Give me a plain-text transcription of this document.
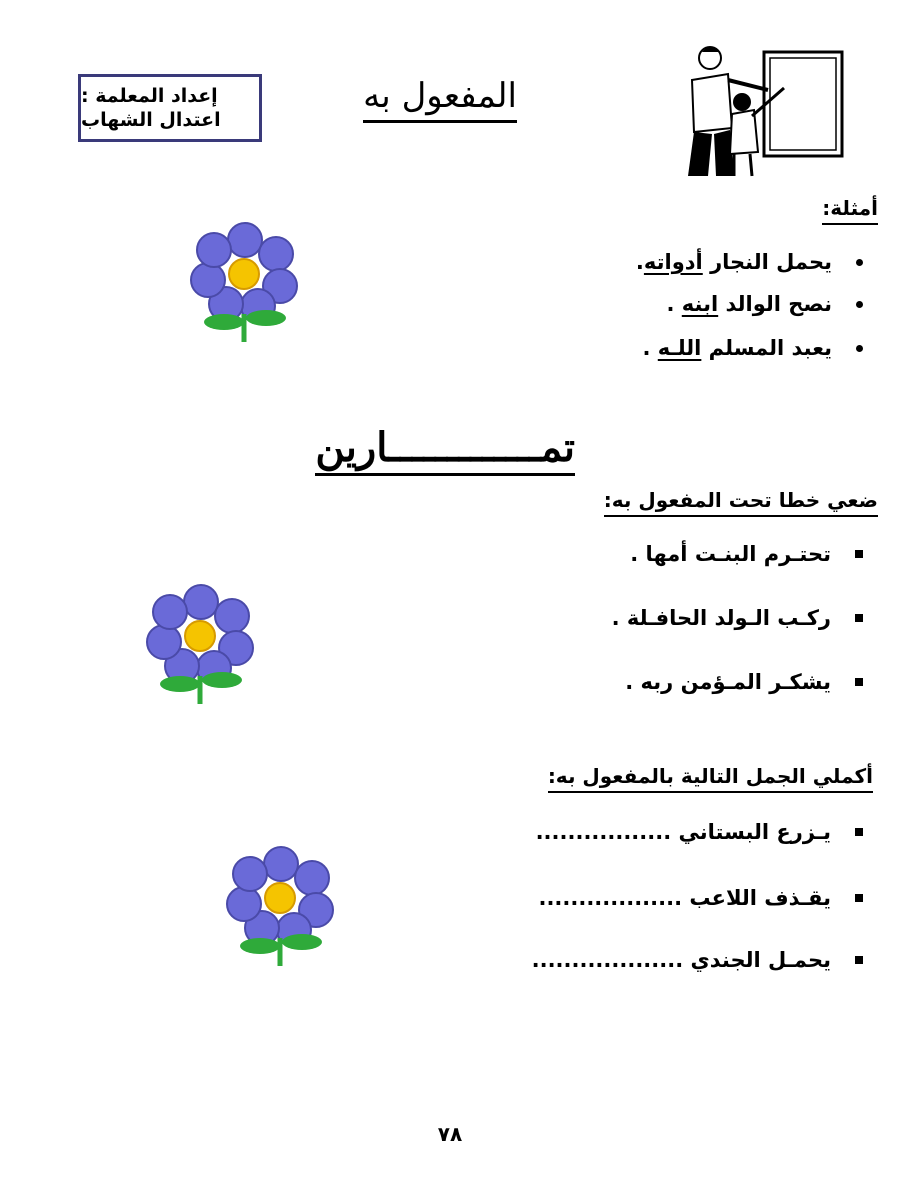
إعداد المعلمة :
اعتدال الشهاب
المفعول به
أمثلة:
يحمل النجار أدواته.
نصح الوالد ابنه .
يعبد المسلم اللـه .
تمـــــــــــــارين
ضعي خطا تحت المفعول به:
تحتـرم البنـت أمها .
ركـب الـولد الحافـلة .
يشكـر المـؤمن ربه .
أكملي الجمل التالية بالمفعول به:
يـزرع البستاني .................
يقـذف اللاعب ..................
يحمـل الجندي ...................
٧٨
